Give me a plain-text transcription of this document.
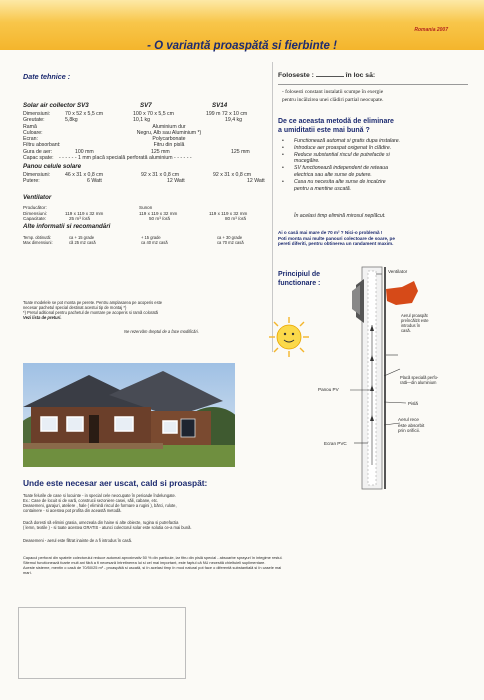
Romania 2007
- O variantă proaspătă si fierbinte !
Date tehnice :
Solar air collector SV3	SV7	SV14
Dimensiuni:	70 x 52 x 5,5 cm	100 x 70 x 5,5 cm	199 m 72 x 10 cm
Greutate:	5,8kg	10,1 kg	19,4 kg
Ramă	Aluminium dur
Culoare:	Negru, Alb sau Aluminium *)
Ecran:	Polycarbonate
Filtru absorbant:	Fitru din pislă
Gura de aer:	100 mm	125 mm	125 mm
Capac spate:	- - - - - - 1 mm placă specială perforată aluminium - - - - - -
Panou celule solare
Dimensiuni:	46 x 31 x 0,8 cm	92 x 31 x 0,8 cm	92 x 31 x 0,8 cm
Putere:	6 Watt	12 Watt	12 Watt
Ventilator
Producător:	Sunon
Dimensiuni:	119 x 119 x 32 mm	119 x 119 x 32 mm	119 x 119 x 32 mm
Capacitate:	25 m³ /oră	50 m³ /oră	80 m³ /oră
Alte informatii si recomandări
Temp. obtinută:	ca + 15 grade	+ 15 grade	ca + 30 grade
Max dimensiuni:	că 25 m2 casă	ca 40 m2 casă	ca 70 m2 casă
Toate modelele se pot monta pe perete. Pentru amplasarea pe acoperis este
necesar pachetul special destinat acestui tip de montaj *)
*) Pretul aditional pentru pachetul de montare pe acoperis si ramă colorată
Vezi lista de preturi.
Ne rezervăm dreptul de a face modificări.
Foloseste :	în loc să:
- folosesti constant instalatii scumpe în exergie
pentru incălzirea unei clădiri partial neocupate.
De ce aceasta metodă de eliminare
a umiditatii este mai bună ?
• Functionează automat si gratis dupa instalare.
• Introduce aer proaspat oxigenat în clădire.
• Reduce substantial riscul de putrefactie si
mucegăire.
• SV functionează independent de reteaua
electrica sau alte surse de putere.
• Casa nu necesita alte surse de incalzire
pentru a mentine uscată.
În acelasi timp elimină mirosul neplăcut.
Ai o casă mai mare de 70 m² ? Nici-o problemă !
Poti monta mai multe panouri colectoare de soare, pe
pereti diferiti, pentru obtinerea un randament maxim.
Principiul de
functionare :
Ventilator
Aerul proaspăt
preîncălzit este
introdus în
casă.
Placă specială perfo-
rată—din aluminium
Panou PV
Pislă
Ecran PVC
Aerul rece
este absorbit
prin orificii.
Unde este necesar aer uscat, cald si proaspăt:
Toate felurile de case si locuinte - in special cele neocupate în perioade îndelungate.
Ex.: Case de locuit si de vară, construcii sezoniere casei, săli, cabane, etc.
Deasemeni, garajuri, ateliere , hale ( elimină riscul de formare a rugini ), bărci, rulote,
containere - si acestea pot profita din această metodă.
Dacă doresti să elimini grasia, umezeala din haine si alte obiecte, rugina si putrefactia
( lemn, textile ) - si toate acestea GRATIS - atunci colectorul solar este solutia ce-a mai bună.
Deasemeni - aerul este filtrat inainte de a fi introdus în casă.
Capacul perforat din spatele colectorului reduce automat aproximativ 50 % din particule, iar fitru din pislă special - absoarbe sprayuri în integime restul.
Sitemul functionează foarte mult ani fără a fi necesară întretinerea lui si cel mai important, este faptul că NU necesită chieltuieli suplimentare.
Aceste sisteme, mentin o casă de 70/50/25 m² - proaspătă si uscată, si în acelasi timp în mod natural pot face o diferentă substantială si în casele mai
mari.
